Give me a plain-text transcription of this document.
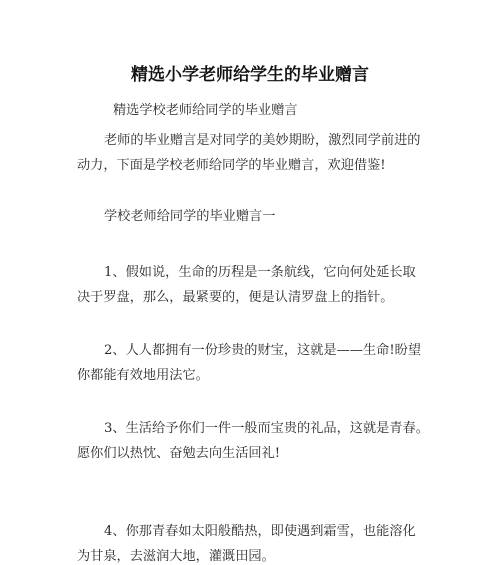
精选小学老师给学生的毕业赠言
精选学校老师给同学的毕业赠言
老师的毕业赠言是对同学的美妙期盼，激烈同学前进的
动力，下面是学校老师给同学的毕业赠言，欢迎借鉴!
学校老师给同学的毕业赠言一
1、假如说，生命的历程是一条航线，它向何处延长取
决于罗盘，那么，最紧要的，便是认清罗盘上的指针。
2、人人都拥有一份珍贵的财宝，这就是——生命!盼望
你都能有效地用法它。
3、生活给予你们一件一般而宝贵的礼品，这就是青春。
愿你们以热忱、奋勉去向生活回礼!
4、你那青春如太阳般酷热，即使遇到霜雪，也能溶化
为甘泉，去滋润大地，灌溉田园。
